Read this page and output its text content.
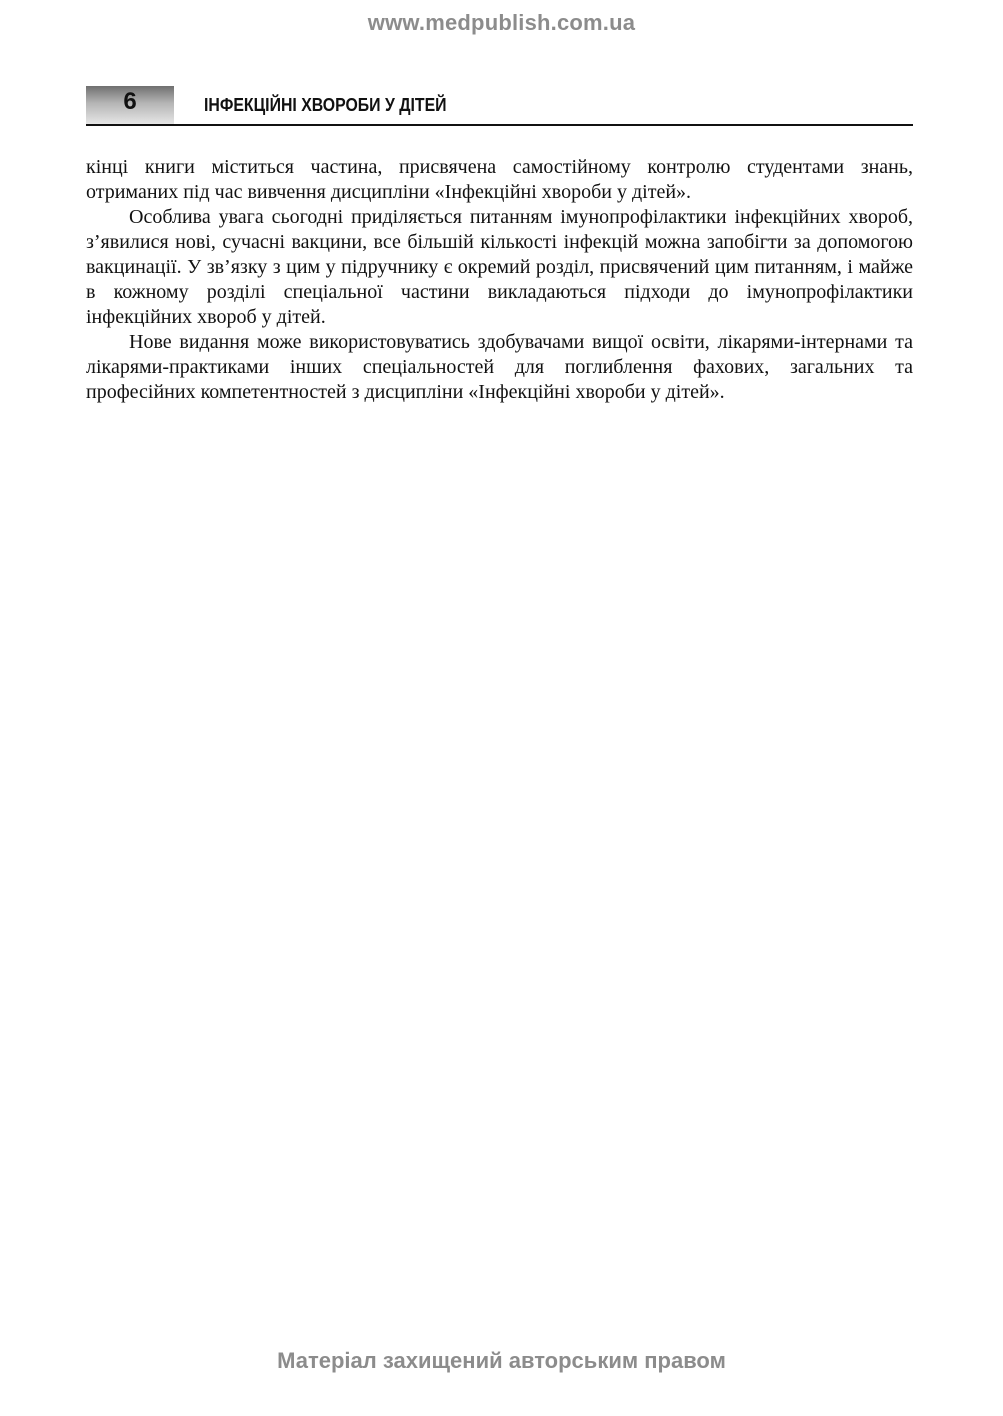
www.medpublish.com.ua
6	ІНФЕКЦІЙНІ ХВОРОБИ У ДІТЕЙ

кінці книги міститься частина, присвячена самостійному контролю студентами знань, отриманих під час вивчення дисципліни «Інфекційні хвороби у дітей».

Особлива увага сьогодні приділяється питанням імунопрофілактики інфекційних хвороб, з’явилися нові, сучасні вакцини, все більшій кількості інфекцій можна запобігти за допомогою вакцинації. У зв’язку з цим у підручнику є окремий розділ, присвячений цим питанням, і майже в кожному розділі спеціальної частини викладаються підходи до імунопрофілактики інфекційних хвороб у дітей.

Нове видання може використовуватись здобувачами вищої освіти, лікарями-інтернами та лікарями-практиками інших спеціальностей для поглиблення фахових, загальних та професійних компетентностей з дисципліни «Інфекційні хвороби у дітей».

Матеріал захищений авторським правом
